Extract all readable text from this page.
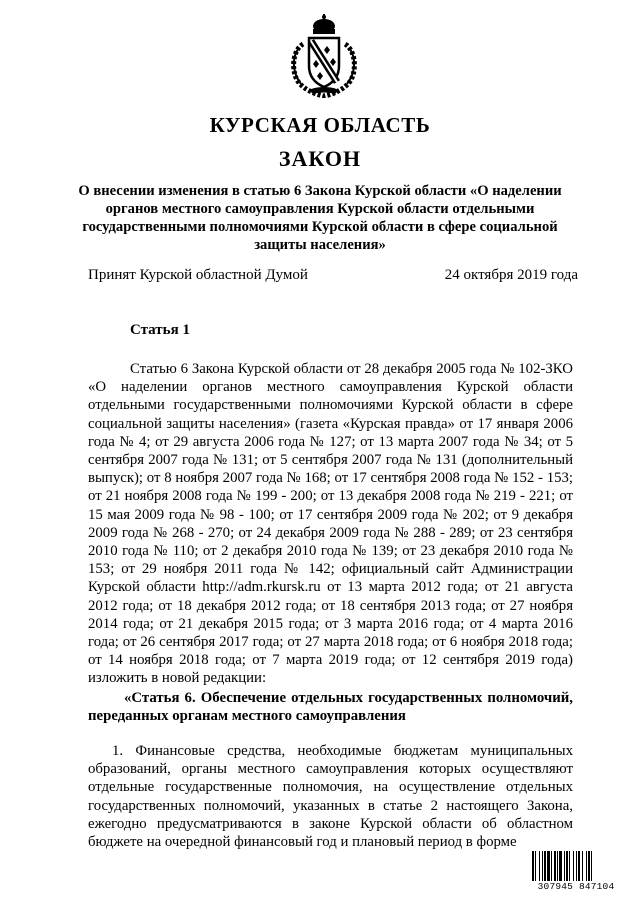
КУРСКАЯ ОБЛАСТЬ
ЗАКОН
О внесении изменения в статью 6 Закона Курской области «О наделении органов местного самоуправления Курской области отдельными государственными полномочиями Курской области в сфере социальной защиты населения»
Принят Курской областной Думой	24 октября 2019 года
Статья 1
Статью 6 Закона Курской области от 28 декабря 2005 года № 102-ЗКО «О наделении органов местного самоуправления Курской области отдельными государственными полномочиями Курской области в сфере социальной защиты населения» (газета «Курская правда» от 17 января 2006 года № 4; от 29 августа 2006 года № 127; от 13 марта 2007 года № 34; от 5 сентября 2007 года № 131; от 5 сентября 2007 года № 131 (дополнительный выпуск); от 8 ноября 2007 года № 168; от 17 сентября 2008 года № 152 - 153; от 21 ноября 2008 года № 199 - 200; от 13 декабря 2008 года № 219 - 221; от 15 мая 2009 года № 98 - 100; от 17 сентября 2009 года № 202; от 9 декабря 2009 года № 268 - 270; от 24 декабря 2009 года № 288 - 289; от 23 сентября 2010 года № 110; от 2 декабря 2010 года № 139; от 23 декабря 2010 года № 153; от 29 ноября 2011 года № 142; официальный сайт Администрации Курской области http://adm.rkursk.ru от 13 марта 2012 года; от 21 августа 2012 года; от 18 декабря 2012 года; от 18 сентября 2013 года; от 27 ноября 2014 года; от 21 декабря 2015 года; от 3 марта 2016 года; от 4 марта 2016 года; от 26 сентября 2017 года; от 27 марта 2018 года; от 6 ноября 2018 года; от 14 ноября 2018 года; от 7 марта 2019 года; от 12 сентября 2019 года) изложить в новой редакции:
«Статья 6. Обеспечение отдельных государственных полномочий, переданных органам местного самоуправления
1. Финансовые средства, необходимые бюджетам муниципальных образований, органы местного самоуправления которых осуществляют отдельные государственные полномочия, на осуществление отдельных государственных полномочий, указанных в статье 2 настоящего Закона, ежегодно предусматриваются в законе Курской области об областном бюджете на очередной финансовый год и плановый период в форме
307945 847104
